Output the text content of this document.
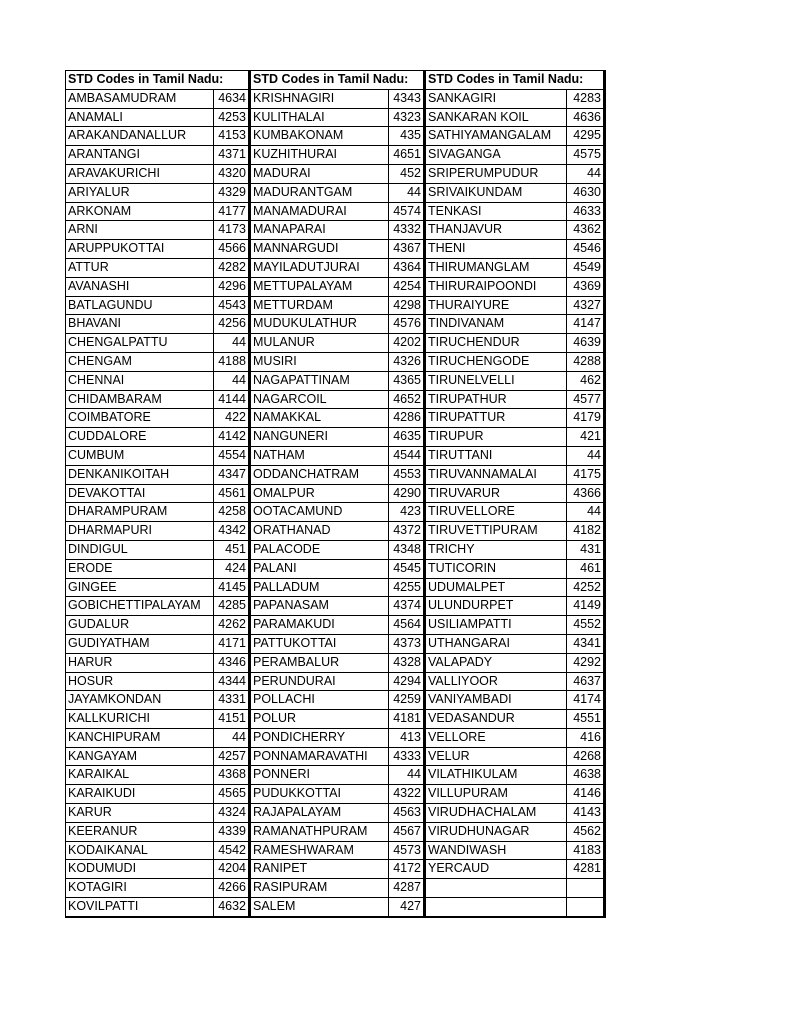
STD Codes in Tamil Nadu:	
AMBASAMUDRAM	4634
ANAMALI	4253
ARAKANDANALLUR	4153
ARANTANGI	4371
ARAVAKURICHI	4320
ARIYALUR	4329
ARKONAM	4177
ARNI	4173
ARUPPUKOTTAI	4566
ATTUR	4282
AVANASHI	4296
BATLAGUNDU	4543
BHAVANI	4256
CHENGALPATTU	44
CHENGAM	4188
CHENNAI	44
CHIDAMBARAM	4144
COIMBATORE	422
CUDDALORE	4142
CUMBUM	4554
DENKANIKOITAH	4347
DEVAKOTTAI	4561
DHARAMPURAM	4258
DHARMAPURI	4342
DINDIGUL	451
ERODE	424
GINGEE	4145
GOBICHETTIPALAYAM	4285
GUDALUR	4262
GUDIYATHAM	4171
HARUR	4346
HOSUR	4344
JAYAMKONDAN	4331
KALLKURICHI	4151
KANCHIPURAM	44
KANGAYAM	4257
KARAIKAL	4368
KARAIKUDI	4565
KARUR	4324
KEERANUR	4339
KODAIKANAL	4542
KODUMUDI	4204
KOTAGIRI	4266
KOVILPATTI	4632
STD Codes in Tamil Nadu:	
KRISHNAGIRI	4343
KULITHALAI	4323
KUMBAKONAM	435
KUZHITHURAI	4651
MADURAI	452
MADURANTGAM	44
MANAMADURAI	4574
MANAPARAI	4332
MANNARGUDI	4367
MAYILADUTJURAI	4364
METTUPALAYAM	4254
METTURDAM	4298
MUDUKULATHUR	4576
MULANUR	4202
MUSIRI	4326
NAGAPATTINAM	4365
NAGARCOIL	4652
NAMAKKAL	4286
NANGUNERI	4635
NATHAM	4544
ODDANCHATRAM	4553
OMALPUR	4290
OOTACAMUND	423
ORATHANAD	4372
PALACODE	4348
PALANI	4545
PALLADUM	4255
PAPANASAM	4374
PARAMAKUDI	4564
PATTUKOTTAI	4373
PERAMBALUR	4328
PERUNDURAI	4294
POLLACHI	4259
POLUR	4181
PONDICHERRY	413
PONNAMARAVATHI	4333
PONNERI	44
PUDUKKOTTAI	4322
RAJAPALAYAM	4563
RAMANATHPURAM	4567
RAMESHWARAM	4573
RANIPET	4172
RASIPURAM	4287
SALEM	427
STD Codes in Tamil Nadu:	
SANKAGIRI	4283
SANKARAN KOIL	4636
SATHIYAMANGALAM	4295
SIVAGANGA	4575
SRIPERUMPUDUR	44
SRIVAIKUNDAM	4630
TENKASI	4633
THANJAVUR	4362
THENI	4546
THIRUMANGLAM	4549
THIRURAIPOONDI	4369
THURAIYURE	4327
TINDIVANAM	4147
TIRUCHENDUR	4639
TIRUCHENGODE	4288
TIRUNELVELLI	462
TIRUPATHUR	4577
TIRUPATTUR	4179
TIRUPUR	421
TIRUTTANI	44
TIRUVANNAMALAI	4175
TIRUVARUR	4366
TIRUVELLORE	44
TIRUVETTIPURAM	4182
TRICHY	431
TUTICORIN	461
UDUMALPET	4252
ULUNDURPET	4149
USILIAMPATTI	4552
UTHANGARAI	4341
VALAPADY	4292
VALLIYOOR	4637
VANIYAMBADI	4174
VEDASANDUR	4551
VELLORE	416
VELUR	4268
VILATHIKULAM	4638
VILLUPURAM	4146
VIRUDHACHALAM	4143
VIRUDHUNAGAR	4562
WANDIWASH	4183
YERCAUD	4281
